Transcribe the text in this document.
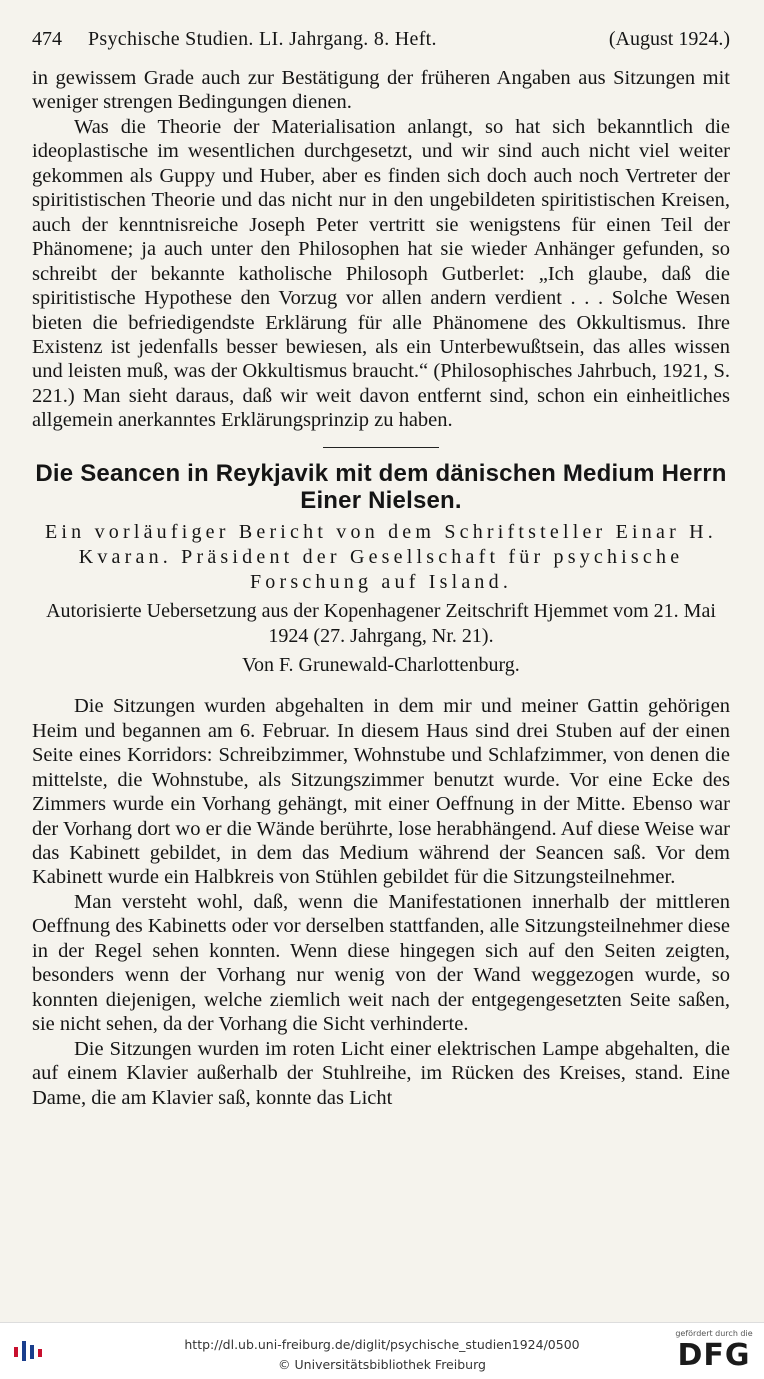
474	Psychische Studien. LI. Jahrgang. 8. Heft.	(August 1924.)

in gewissem Grade auch zur Bestätigung der früheren Angaben aus Sitzungen mit weniger strengen Bedingungen dienen.

Was die Theorie der Materialisation anlangt, so hat sich bekanntlich die ideoplastische im wesentlichen durchgesetzt, und wir sind auch nicht viel weiter gekommen als Guppy und Huber, aber es finden sich doch auch noch Vertreter der spiritistischen Theorie und das nicht nur in den ungebildeten spiritistischen Kreisen, auch der kenntnisreiche Joseph Peter vertritt sie wenigstens für einen Teil der Phänomene; ja auch unter den Philosophen hat sie wieder Anhänger gefunden, so schreibt der bekannte katholische Philosoph Gutberlet: „Ich glaube, daß die spiritistische Hypothese den Vorzug vor allen andern verdient . . . Solche Wesen bieten die befriedigendste Erklärung für alle Phänomene des Okkultismus. Ihre Existenz ist jedenfalls besser bewiesen, als ein Unterbewußtsein, das alles wissen und leisten muß, was der Okkultismus braucht.“ (Philosophisches Jahrbuch, 1921, S. 221.) Man sieht daraus, daß wir weit davon entfernt sind, schon ein einheitliches allgemein anerkanntes Erklärungsprinzip zu haben.

Die Seancen in Reykjavik mit dem dänischen Medium Herrn Einer Nielsen.

Ein vorläufiger Bericht von dem Schriftsteller Einar H. Kvaran. Präsident der Gesellschaft für psychische Forschung auf Island.

Autorisierte Uebersetzung aus der Kopenhagener Zeitschrift Hjemmet vom 21. Mai 1924 (27. Jahrgang, Nr. 21).

Von F. Grunewald-Charlottenburg.

Die Sitzungen wurden abgehalten in dem mir und meiner Gattin gehörigen Heim und begannen am 6. Februar. In diesem Haus sind drei Stuben auf der einen Seite eines Korridors: Schreibzimmer, Wohnstube und Schlafzimmer, von denen die mittelste, die Wohnstube, als Sitzungszimmer benutzt wurde. Vor eine Ecke des Zimmers wurde ein Vorhang gehängt, mit einer Oeffnung in der Mitte. Ebenso war der Vorhang dort wo er die Wände berührte, lose herabhängend. Auf diese Weise war das Kabinett gebildet, in dem das Medium während der Seancen saß. Vor dem Kabinett wurde ein Halbkreis von Stühlen gebildet für die Sitzungsteilnehmer.

Man versteht wohl, daß, wenn die Manifestationen innerhalb der mittleren Oeffnung des Kabinetts oder vor derselben stattfanden, alle Sitzungsteilnehmer diese in der Regel sehen konnten. Wenn diese hingegen sich auf den Seiten zeigten, besonders wenn der Vorhang nur wenig von der Wand weggezogen wurde, so konnten diejenigen, welche ziemlich weit nach der entgegengesetzten Seite saßen, sie nicht sehen, da der Vorhang die Sicht verhinderte.

Die Sitzungen wurden im roten Licht einer elektrischen Lampe abgehalten, die auf einem Klavier außerhalb der Stuhlreihe, im Rücken des Kreises, stand. Eine Dame, die am Klavier saß, konnte das Licht

http://dl.ub.uni-freiburg.de/diglit/psychische_studien1924/0500
© Universitätsbibliothek Freiburg
gefördert durch die
DFG
